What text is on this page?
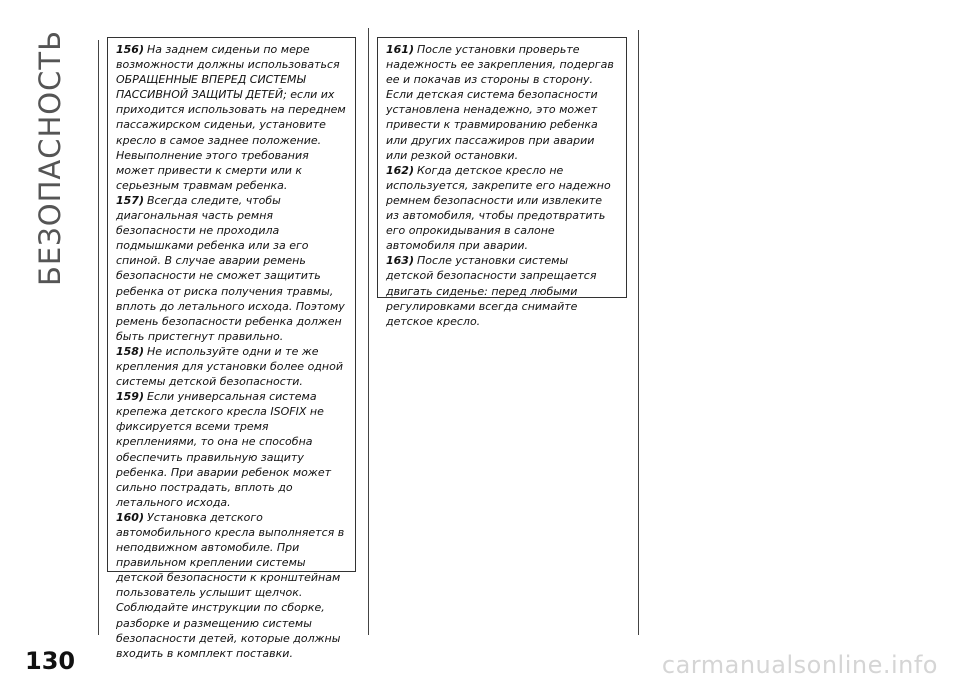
БЕЗОПАСНОСТЬ	156) На заднем сиденьи по мере возможности должны использоваться ОБРАЩЕННЫЕ ВПЕРЕД СИСТЕМЫ ПАССИВНОЙ ЗАЩИТЫ ДЕТЕЙ; если их приходится использовать на переднем пассажирском сиденьи, установите кресло в самое заднее положение. Невыполнение этого требования может привести к смерти или к серьезным травмам ребенка.

157) Всегда следите, чтобы диагональная часть ремня безопасности не проходила подмышками ребенка или за его спиной. В случае аварии ремень безопасности не сможет защитить ребенка от риска получения травмы, вплоть до летального исхода. Поэтому ремень безопасности ребенка должен быть пристегнут правильно.

158) Не используйте одни и те же крепления для установки более одной системы детской безопасности.

159) Если универсальная система крепежа детского кресла ISOFIX не фиксируется всеми тремя креплениями, то она не способна обеспечить правильную защиту ребенка. При аварии ребенок может сильно пострадать, вплоть до летального исхода.

160) Установка детского автомобильного кресла выполняется в неподвижном автомобиле. При правильном креплении системы детской безопасности к кронштейнам пользователь услышит щелчок. Соблюдайте инструкции по сборке, разборке и размещению системы безопасности детей, которые должны входить в комплект поставки.

161) После установки проверьте надежность ее закрепления, подергав ее и покачав из стороны в сторону. Если детская система безопасности установлена ненадежно, это может привести к травмированию ребенка или других пассажиров при аварии или резкой остановки.

162) Когда детское кресло не используется, закрепите его надежно ремнем безопасности или извлеките из автомобиля, чтобы предотвратить его опрокидывания в салоне автомобиля при аварии.

163) После установки системы детской безопасности запрещается двигать сиденье: перед любыми регулировками всегда снимайте детское кресло.

130	carmanualsonline.info
